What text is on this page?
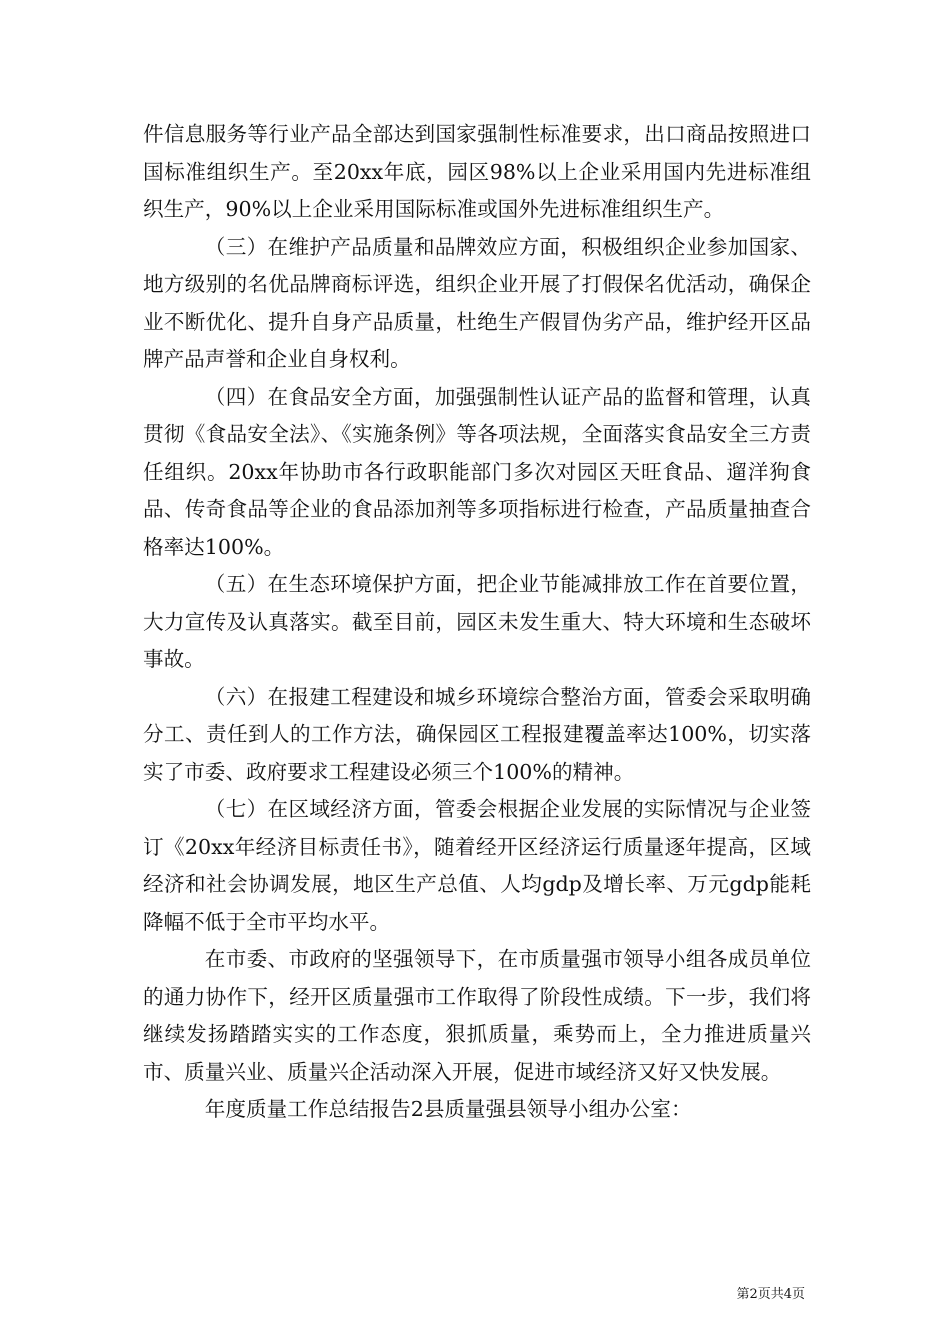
件信息服务等行业产品全部达到国家强制性标准要求，出口商品按照进口国标准组织生产。至20xx年底，园区98%以上企业采用国内先进标准组织生产，90%以上企业采用国际标准或国外先进标准组织生产。

（三）在维护产品质量和品牌效应方面，积极组织企业参加国家、地方级别的名优品牌商标评选，组织企业开展了打假保名优活动，确保企业不断优化、提升自身产品质量，杜绝生产假冒伪劣产品，维护经开区品牌产品声誉和企业自身权利。

（四）在食品安全方面，加强强制性认证产品的监督和管理，认真贯彻《食品安全法》、《实施条例》等各项法规，全面落实食品安全三方责任组织。20xx年协助市各行政职能部门多次对园区天旺食品、遛洋狗食品、传奇食品等企业的食品添加剂等多项指标进行检查，产品质量抽查合格率达100%。

（五）在生态环境保护方面，把企业节能减排放工作在首要位置，大力宣传及认真落实。截至目前，园区未发生重大、特大环境和生态破坏事故。

（六）在报建工程建设和城乡环境综合整治方面，管委会采取明确分工、责任到人的工作方法，确保园区工程报建覆盖率达100%，切实落实了市委、政府要求工程建设必须三个100%的精神。

（七）在区域经济方面，管委会根据企业发展的实际情况与企业签订《20xx年经济目标责任书》，随着经开区经济运行质量逐年提高，区域经济和社会协调发展，地区生产总值、人均gdp及增长率、万元gdp能耗降幅不低于全市平均水平。

在市委、市政府的坚强领导下，在市质量强市领导小组各成员单位的通力协作下，经开区质量强市工作取得了阶段性成绩。下一步，我们将继续发扬踏踏实实的工作态度，狠抓质量，乘势而上，全力推进质量兴市、质量兴业、质量兴企活动深入开展，促进市域经济又好又快发展。

年度质量工作总结报告2县质量强县领导小组办公室：

第2页共4页
